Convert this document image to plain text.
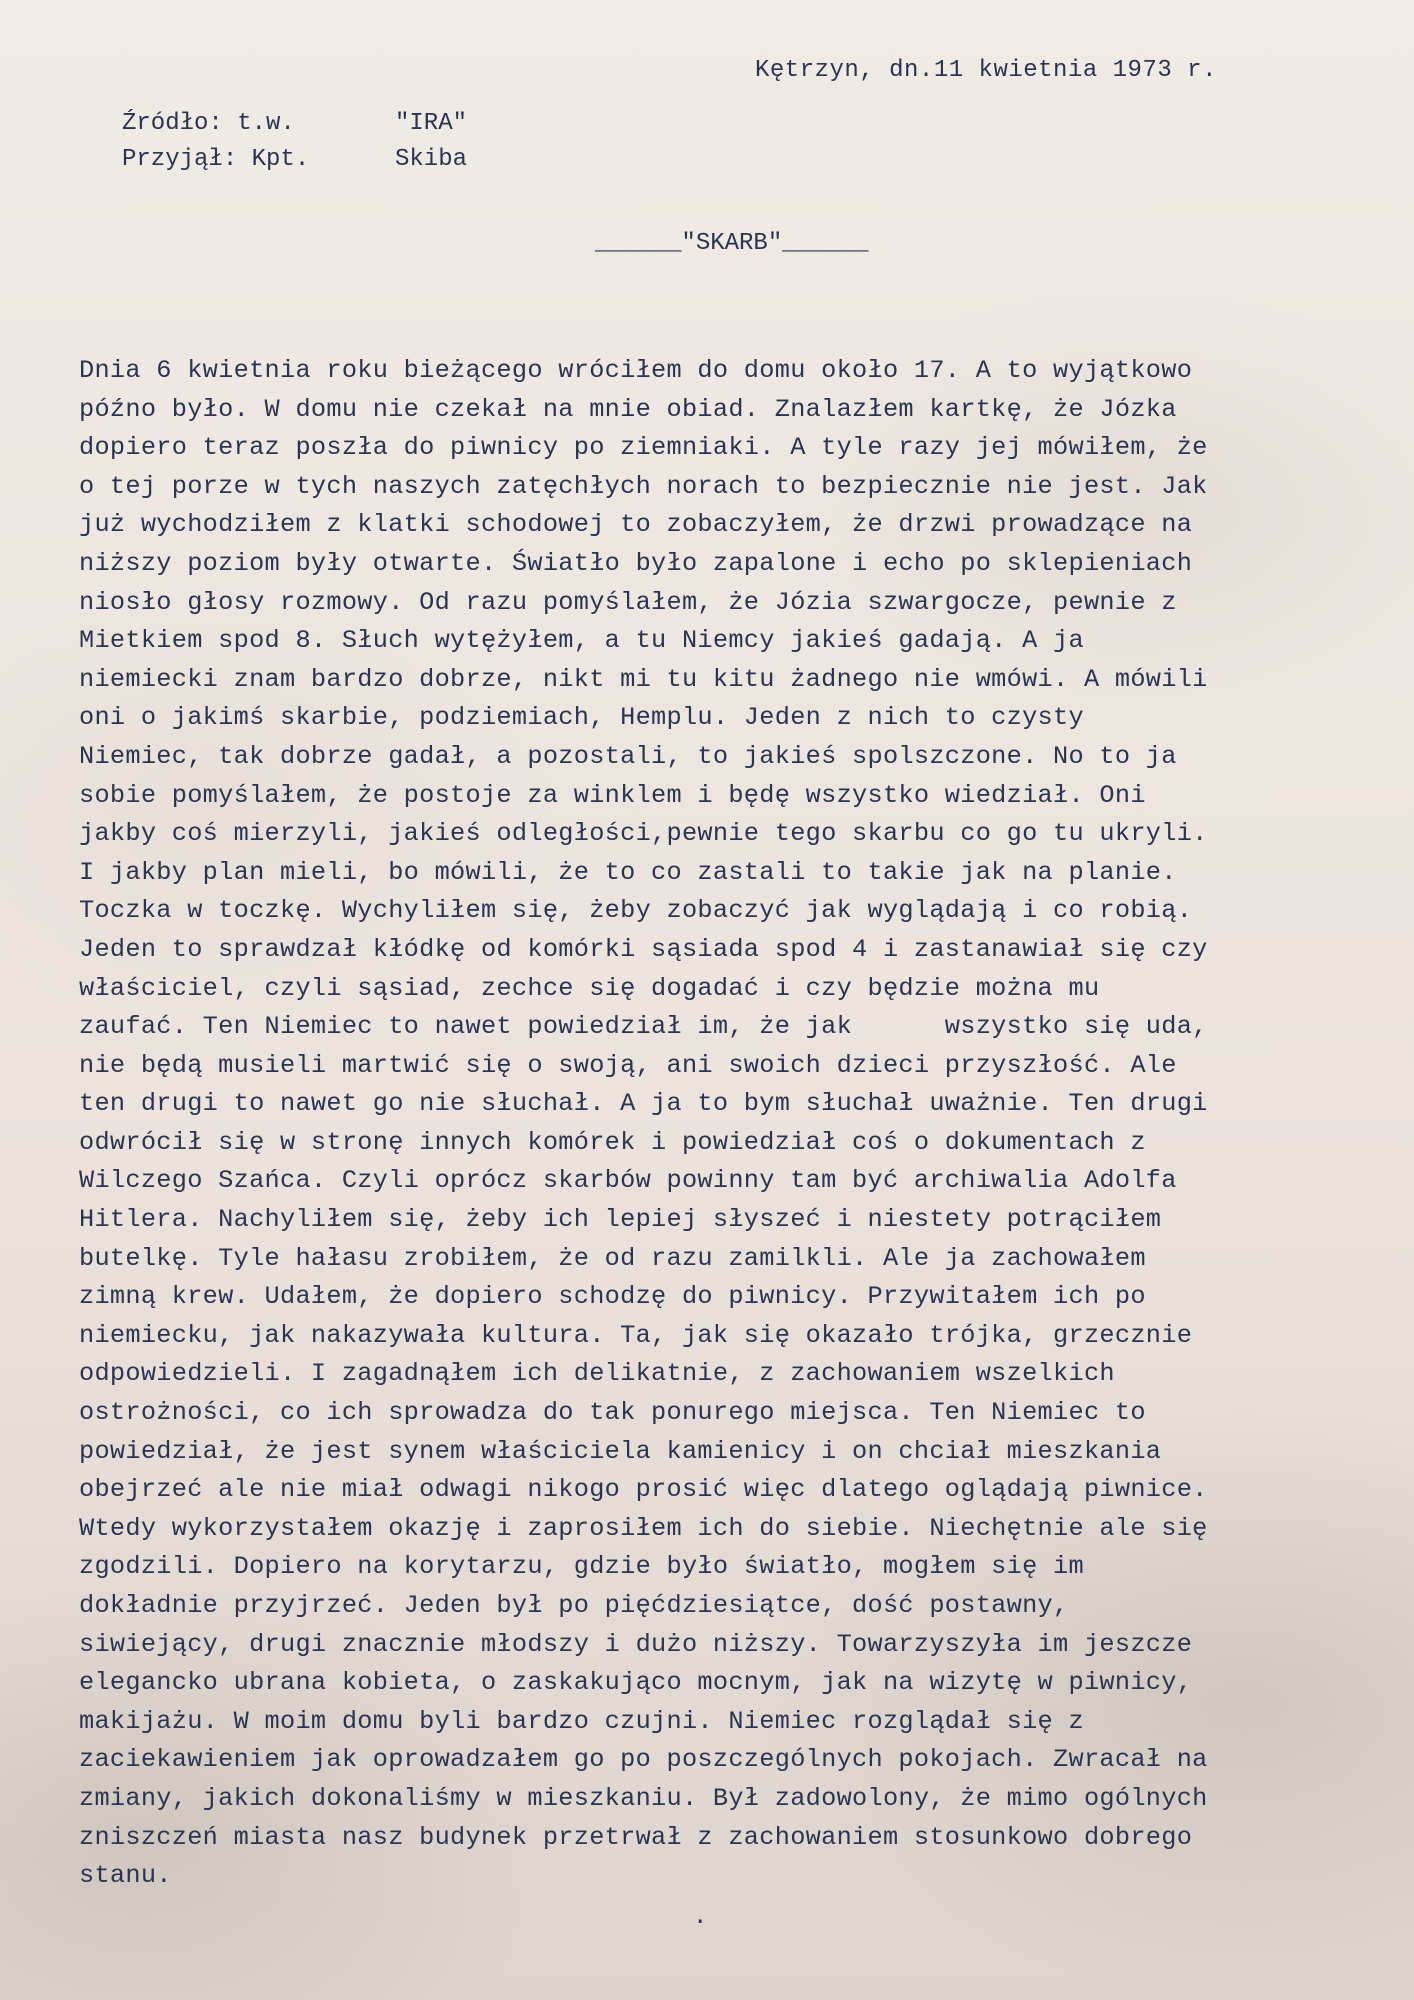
Kętrzyn, dn.11 kwietnia 1973 r.
Źródło: t.w.	"IRA"
Przyjął: Kpt.	Skiba
______"SKARB"______
Dnia 6 kwietnia roku bieżącego wróciłem do domu około 17. A to wyjątkowo
późno było. W domu nie czekał na mnie obiad. Znalazłem kartkę, że Józka
dopiero teraz poszła do piwnicy po ziemniaki. A tyle razy jej mówiłem, że
o tej porze w tych naszych zatęchłych norach to bezpiecznie nie jest. Jak
już wychodziłem z klatki schodowej to zobaczyłem, że drzwi prowadzące na
niższy poziom były otwarte. Światło było zapalone i echo po sklepieniach
niosło głosy rozmowy. Od razu pomyślałem, że Józia szwargocze, pewnie z
Mietkiem spod 8. Słuch wytężyłem, a tu Niemcy jakieś gadają. A ja
niemiecki znam bardzo dobrze, nikt mi tu kitu żadnego nie wmówi. A mówili
oni o jakimś skarbie, podziemiach, Hemplu. Jeden z nich to czysty
Niemiec, tak dobrze gadał, a pozostali, to jakieś spolszczone. No to ja
sobie pomyślałem, że postoje za winklem i będę wszystko wiedział. Oni
jakby coś mierzyli, jakieś odległości,pewnie tego skarbu co go tu ukryli.
I jakby plan mieli, bo mówili, że to co zastali to takie jak na planie.
Toczka w toczkę. Wychyliłem się, żeby zobaczyć jak wyglądają i co robią.
Jeden to sprawdzał kłódkę od komórki sąsiada spod 4 i zastanawiał się czy
właściciel, czyli sąsiad, zechce się dogadać i czy będzie można mu
zaufać. Ten Niemiec to nawet powiedział im, że jak      wszystko się uda,
nie będą musieli martwić się o swoją, ani swoich dzieci przyszłość. Ale
ten drugi to nawet go nie słuchał. A ja to bym słuchał uważnie. Ten drugi
odwrócił się w stronę innych komórek i powiedział coś o dokumentach z
Wilczego Szańca. Czyli oprócz skarbów powinny tam być archiwalia Adolfa
Hitlera. Nachyliłem się, żeby ich lepiej słyszeć i niestety potrąciłem
butelkę. Tyle hałasu zrobiłem, że od razu zamilkli. Ale ja zachowałem
zimną krew. Udałem, że dopiero schodzę do piwnicy. Przywitałem ich po
niemiecku, jak nakazywała kultura. Ta, jak się okazało trójka, grzecznie
odpowiedzieli. I zagadnąłem ich delikatnie, z zachowaniem wszelkich
ostrożności, co ich sprowadza do tak ponurego miejsca. Ten Niemiec to
powiedział, że jest synem właściciela kamienicy i on chciał mieszkania
obejrzeć ale nie miał odwagi nikogo prosić więc dlatego oglądają piwnice.
Wtedy wykorzystałem okazję i zaprosiłem ich do siebie. Niechętnie ale się
zgodzili. Dopiero na korytarzu, gdzie było światło, mogłem się im
dokładnie przyjrzeć. Jeden był po pięćdziesiątce, dość postawny,
siwiejący, drugi znacznie młodszy i dużo niższy. Towarzyszyła im jeszcze
elegancko ubrana kobieta, o zaskakująco mocnym, jak na wizytę w piwnicy,
makijażu. W moim domu byli bardzo czujni. Niemiec rozglądał się z
zaciekawieniem jak oprowadzałem go po poszczególnych pokojach. Zwracał na
zmiany, jakich dokonaliśmy w mieszkaniu. Był zadowolony, że mimo ogólnych
zniszczeń miasta nasz budynek przetrwał z zachowaniem stosunkowo dobrego
stanu.
.
